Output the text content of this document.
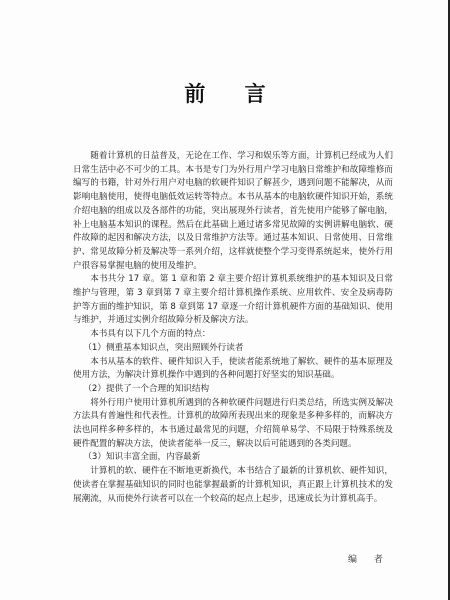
前 言

随着计算机的日益普及，无论在工作、学习和娱乐等方面，计算机已经成为人们日常生活中必不可少的工具。本书是专门为外行用户学习电脑日常维护和故障维修而编写的书籍，针对外行用户对电脑的软硬件知识了解甚少，遇到问题不能解决，从而影响电脑使用，使得电脑低效运转等特点。本书从基本的电脑软硬件知识开始，系统介绍电脑的组成以及各部件的功能，突出展现外行读者，首先使用户能够了解电脑，补上电脑基本知识的课程。然后在此基础上通过诸多常见故障的实例讲解电脑软、硬件故障的起因和解决方法，以及日常维护方法等。通过基本知识、日常使用、日常维护、常见故障分析及解决等一系列介绍，这样就使整个学习变得系统起来，使外行用户很容易掌握电脑的使用及维护。

本书共分 17 章。第 1 章和第 2 章主要介绍计算机系统维护的基本知识及日常维护与管理，第 3 章到第 7 章主要介绍计算机操作系统、应用软件、安全及病毒防护等方面的维护知识，第 8 章到第 17 章逐一介绍计算机硬件方面的基础知识、使用与维护，并通过实例介绍故障分析及解决方法。

本书具有以下几个方面的特点：

（1）侧重基本知识点，突出照顾外行读者

本书从基本的软件、硬件知识入手，使读者能系统地了解软、硬件的基本原理及使用方法，为解决计算机操作中遇到的各种问题打好坚实的知识基础。

（2）提供了一个合理的知识结构

将外行用户使用计算机所遇到的各种软硬件问题进行归类总结，所选实例及解决方法具有普遍性和代表性。计算机的故障所表现出来的现象是多种多样的，而解决方法也同样多种多样的，本书通过最常见的问题，介绍简单易学、不局限于特殊系统及硬件配置的解决方法，使读者能举一反三，解决以后可能遇到的各类问题。

（3）知识丰富全面，内容最新

计算机的软、硬件在不断地更新换代，本书结合了最新的计算机软、硬件知识，使读者在掌握基础知识的同时也能掌握最新的计算机知识，真正跟上计算机技术的发展潮流，从而使外行读者可以在一个较高的起点上起步，迅速成长为计算机高手。

编 者
